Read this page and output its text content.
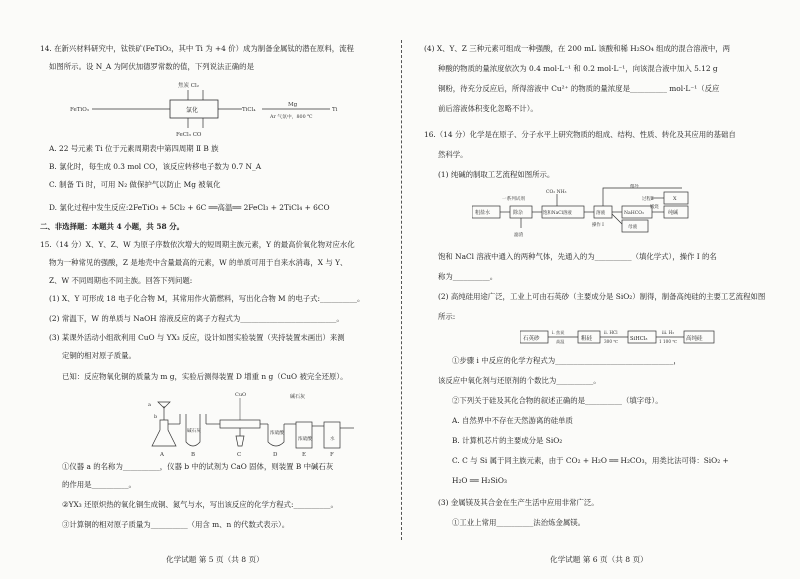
14. 在新兴材料研究中，钛铁矿(FeTiO₃，其中 Ti 为 +4 价）成为制备金属钛的潜在原料，流程
如图所示。设 N_A 为阿伏加德罗常数的值，下列说法正确的是
焦炭 Cl₂
FeTiO₃	氯化	TiCl₄
Mg
Ar 气氛中，800 ℃
Ti
FeCl₃ CO
A. 22 号元素 Ti 位于元素周期表中第四周期 Ⅱ B 族
B. 氯化时，每生成 0.3 mol CO，该反应转移电子数为 0.7 N_A
C. 制备 Ti 时，可用 N₂ 做保护气以防止 Mg 被氧化
D. 氯化过程中发生反应:2FeTiO₃ + 5Cl₂ + 6C ══高温══ 2FeCl₃ + 2TiCl₄ + 6CO
二、非选择题：本题共 4 小题，共 58 分。
15.（14 分）X、Y、Z、W 为原子序数依次增大的短周期主族元素，Y 的最高价氧化物对应水化
物为一种常见的强酸，Z 是地壳中含量最高的元素，W 的单质可用于自来水消毒，X 与 Y、
Z、W 不同周期也不同主族。回答下列问题:
(1) X、Y 可形成 18 电子化合物 M，其常用作火箭燃料，写出化合物 M 的电子式:__________。
(2) 常温下，W 的单质与 NaOH 溶液反应的离子方程式为__________________________。
(3) 某课外活动小组欲利用 CuO 与 YX₃ 反应，设计如图实验装置（夹持装置未画出）来测
定铜的相对原子质量。
已知：反应物氧化铜的质量为 m g，实验后测得装置 D 增重 n g（CuO 被完全还原）。
a
b
CuO	碱石灰
碱石灰	浓硫酸
浓硫酸	水
A	B	C	D	E	F
①仪器 a 的名称为__________，仪器 b 中的试剂为 CaO 固体，则装置 B 中碱石灰
的作用是__________。
②YX₃ 还原炽热的氧化铜生成铜、氮气与水，写出该反应的化学方程式:__________。
③计算铜的相对原子质量为__________（用含 m、n 的代数式表示）。
化学试题 第 5 页（共 8 页）
(4) X、Y、Z 三种元素可组成一种强酸，在 200 mL 该酸和稀 H₂SO₄ 组成的混合溶液中，两
种酸的物质的量浓度依次为 0.4 mol·L⁻¹ 和 0.2 mol·L⁻¹，向该混合液中加入 5.12 g
铜粉，待充分反应后，所得溶液中 Cu²⁺ 的物质的量浓度是__________ mol·L⁻¹（反应
前后溶液体积变化忽略不计）。
16.（14 分）化学是在原子、分子水平上研究物质的组成、结构、性质、转化及其应用的基础自
然科学。
(1) 纯碱的制取工艺流程如图所示。
粗盐水
一系列试剂
CO₂ NH₃
除杂	饱和NaCl溶液	溶液
操作 Ⅰ
NaHCO₃
煅烧
纯碱
母液
循环
过程Ⅱ	X
滤渣
饱和 NaCl 溶液中通入的两种气体，先通入的为__________（填化学式），操作 Ⅰ 的名
称为__________。
(2) 高纯硅用途广泛，工业上可由石英砂（主要成分是 SiO₂）制得，制备高纯硅的主要工艺流程如图
所示:
石英砂
ⅰ. 焦炭
高温	粗硅
ⅱ. HCl
300 ℃ SiHCl₃
ⅲ. H₂
1 100 ℃ 高纯硅
①步骤 ⅰ 中反应的化学方程式为________________________________，
该反应中氧化剂与还原剂的个数比为__________。
②下列关于硅及其化合物的叙述正确的是__________（填字母）。
A. 自然界中不存在天然游离的硅单质
B. 计算机芯片的主要成分是 SiO₂
C. C 与 Si 属于同主族元素，由于 CO₂ + H₂O ══ H₂CO₃，用类比法可得：SiO₂ +
H₂O ══ H₂SiO₃
(3) 金属镁及其合金在生产生活中应用非常广泛。
①工业上常用__________法治炼金属镁。
化学试题 第 6 页（共 8 页）
